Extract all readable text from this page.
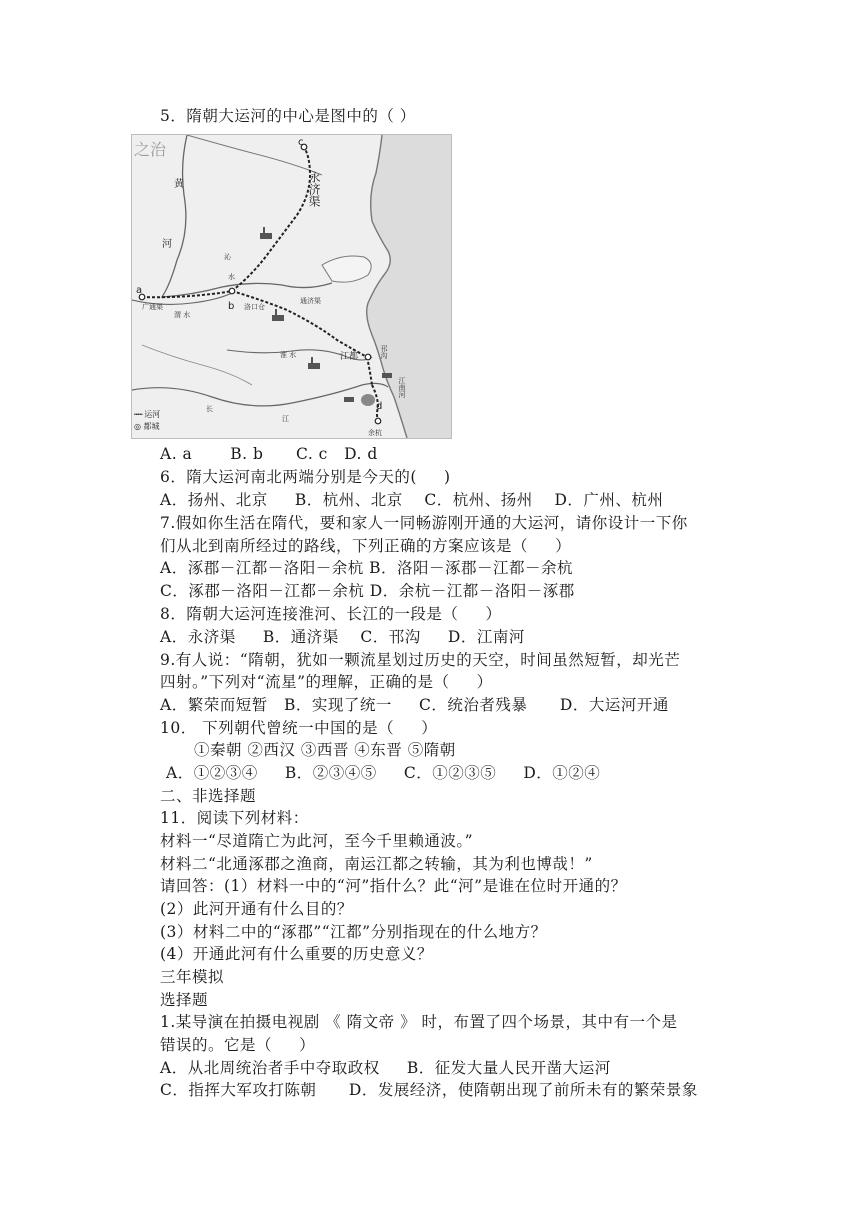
5．隋朝大运河的中心是图中的（ ）
之治	c
永济渠
黄
河
沁
水
a
广通渠
渭 水
b 洛口仓
通济渠
淮 水	江都	邗沟
江南河
长
江
余杭
d
┅┅ 运河
◎ 都城
A. a       B. b      C. c   D. d
6．隋大运河南北两端分别是今天的(     )
A．扬州、北京     B．杭州、北京    C．杭州、扬州    D．广州、杭州
7.假如你生活在隋代，要和家人一同畅游刚开通的大运河，请你设计一下你
们从北到南所经过的路线，下列正确的方案应该是（     ）
A．涿郡－江都－洛阳－余杭 B．洛阳－涿郡－江都－余杭
C．涿郡－洛阳－江都－余杭 D．余杭－江都－洛阳－涿郡
8．隋朝大运河连接淮河、长江的一段是（     ）
A．永济渠     B．通济渠    C．邗沟     D．江南河
9.有人说：“隋朝，犹如一颗流星划过历史的天空，时间虽然短暂，却光芒
四射。”下列对“流星”的理解，正确的是（     ）
A．繁荣而短暂   B．实现了统一     C．统治者残暴      D．大运河开通
10． 下列朝代曾统一中国的是（     ）
①秦朝 ②西汉 ③西晋 ④东晋 ⑤隋朝
A．①②③④     B．②③④⑤     C．①②③⑤     D．①②④
二、非选择题
11．阅读下列材料：
材料一“尽道隋亡为此河，至今千里赖通波。”
材料二“北通涿郡之渔商，南运江都之转输，其为利也博哉！”
请回答：(1）材料一中的“河”指什么？此“河”是谁在位时开通的？
(2）此河开通有什么目的？
(3）材料二中的“涿郡”“江都”分别指现在的什么地方？
(4）开通此河有什么重要的历史意义？
三年模拟
选择题
1.某导演在拍摄电视剧 《 隋文帝 》 时，布置了四个场景，其中有一个是
错误的。它是（     ）
A．从北周统治者手中夺取政权     B．征发大量人民开凿大运河
C．指挥大军攻打陈朝      D．发展经济，使隋朝出现了前所未有的繁荣景象
